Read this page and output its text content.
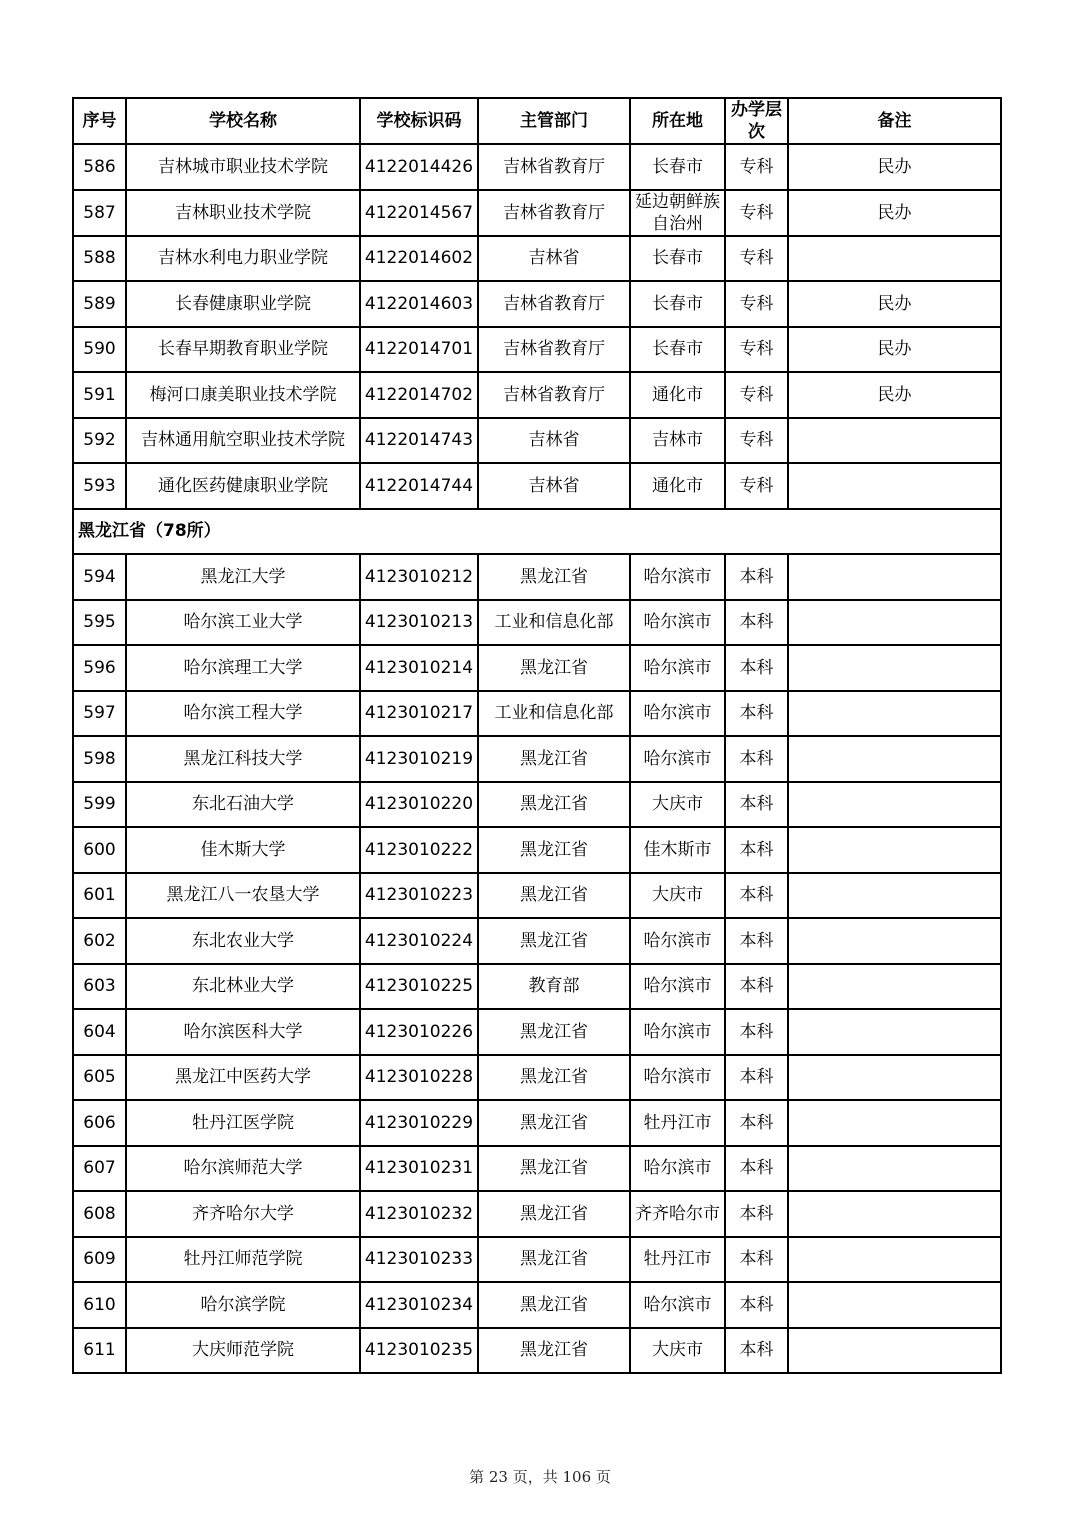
序号	学校名称	学校标识码	主管部门	所在地	办学层次	备注
586	吉林城市职业技术学院	4122014426	吉林省教育厅	长春市	专科	民办
587	吉林职业技术学院	4122014567	吉林省教育厅	延边朝鲜族自治州	专科	民办
588	吉林水利电力职业学院	4122014602	吉林省	长春市	专科	
589	长春健康职业学院	4122014603	吉林省教育厅	长春市	专科	民办
590	长春早期教育职业学院	4122014701	吉林省教育厅	长春市	专科	民办
591	梅河口康美职业技术学院	4122014702	吉林省教育厅	通化市	专科	民办
592	吉林通用航空职业技术学院	4122014743	吉林省	吉林市	专科	
593	通化医药健康职业学院	4122014744	吉林省	通化市	专科	
黑龙江省（78所）						
594	黑龙江大学	4123010212	黑龙江省	哈尔滨市	本科	
595	哈尔滨工业大学	4123010213	工业和信息化部	哈尔滨市	本科	
596	哈尔滨理工大学	4123010214	黑龙江省	哈尔滨市	本科	
597	哈尔滨工程大学	4123010217	工业和信息化部	哈尔滨市	本科	
598	黑龙江科技大学	4123010219	黑龙江省	哈尔滨市	本科	
599	东北石油大学	4123010220	黑龙江省	大庆市	本科	
600	佳木斯大学	4123010222	黑龙江省	佳木斯市	本科	
601	黑龙江八一农垦大学	4123010223	黑龙江省	大庆市	本科	
602	东北农业大学	4123010224	黑龙江省	哈尔滨市	本科	
603	东北林业大学	4123010225	教育部	哈尔滨市	本科	
604	哈尔滨医科大学	4123010226	黑龙江省	哈尔滨市	本科	
605	黑龙江中医药大学	4123010228	黑龙江省	哈尔滨市	本科	
606	牡丹江医学院	4123010229	黑龙江省	牡丹江市	本科	
607	哈尔滨师范大学	4123010231	黑龙江省	哈尔滨市	本科	
608	齐齐哈尔大学	4123010232	黑龙江省	齐齐哈尔市	本科	
609	牡丹江师范学院	4123010233	黑龙江省	牡丹江市	本科	
610	哈尔滨学院	4123010234	黑龙江省	哈尔滨市	本科	
611	大庆师范学院	4123010235	黑龙江省	大庆市	本科	
第 23 页，共 106 页
